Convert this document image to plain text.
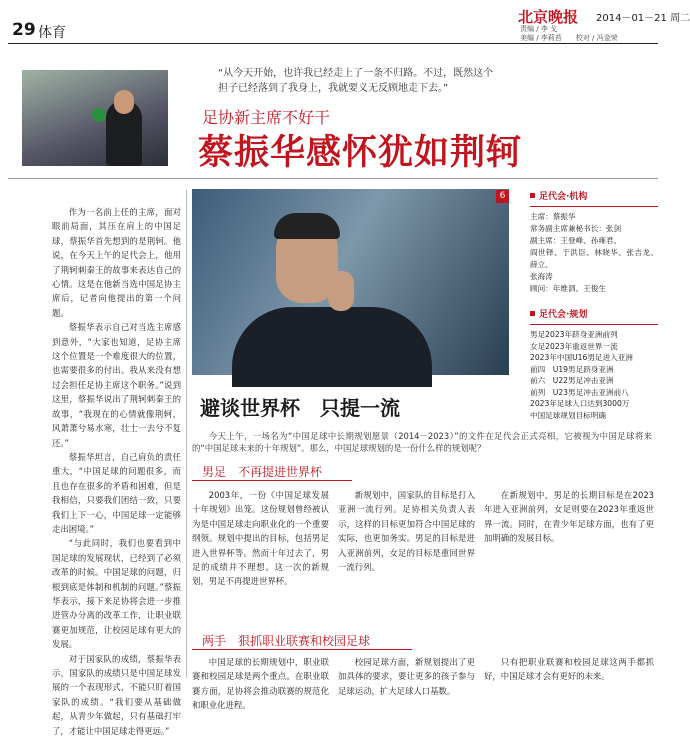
29 体育
北京晚报 2014－01－21 周二
责编 / 李 戈
美编 / 李莉苔　　校对 / 冯金荣
“从今天开始，也许我已经走上了一条不归路。不过，既然这个担子已经落到了我身上，我就要义无反顾地走下去。”
足协新主席不好干
蔡振华感怀犹如荆轲

作为一名前上任的主席，面对眼前局面，其压在肩上的中国足球，蔡振华首先想到的是荆轲。他说，在今天上午的足代会上，他用了荆轲刺秦王的故事来表达自己的心情。这是在他新当选中国足协主席后，记者向他提出的第一个问题。

蔡振华表示自己对当选主席感到意外，“大家也知道，足协主席这个位置是一个难度很大的位置，也需要很多的付出。我从来没有想过会担任足协主席这个职务。”说到这里，蔡振华说出了荆轲刺秦王的故事，“我现在的心情就像荆轲，风萧萧兮易水寒，壮士一去兮不复还。”

蔡振华坦言，自己肩负的责任重大，“中国足球的问题很多，而且也存在很多的矛盾和困难，但是我相信，只要我们团结一致，只要我们上下一心，中国足球一定能够走出困境。”

“与此同时，我们也要看到中国足球的发展现状，已经到了必须改革的时候。中国足球的问题，归根到底是体制和机制的问题。”蔡振华表示，接下来足协将会进一步推进管办分离的改革工作，让职业联赛更加规范，让校园足球有更大的发展。

对于国家队的成绩，蔡振华表示，国家队的成绩只是中国足球发展的一个表现形式，不能只盯着国家队的成绩。“我们要从基础做起，从青少年做起，只有基础打牢了，才能让中国足球走得更远。”

6
避谈世界杯　只提一流

今天上午，一场名为“中国足球中长期规划愿景（2014－2023）”的文件在足代会正式亮相，它被视为中国足球将来的“中国足球未来的十年规划”。那么，中国足球规划的是一份什么样的规划呢？

男足　不再提进世界杯

2003年，一份《中国足球发展十年规划》出笼。这份规划曾经被认为是中国足球走向职业化的一个重要纲领。规划中提出的目标，包括男足进入世界杯等。然而十年过去了，男足的成绩并不理想。这一次的新规划，男足不再提进世界杯。

新规划中，国家队的目标是打入亚洲一流行列。足协相关负责人表示，这样的目标更加符合中国足球的实际，也更加务实。男足的目标是进入亚洲前列，女足的目标是重回世界一流行列。

在新规划中，男足的长期目标是在2023年进入亚洲前列，女足则要在2023年重返世界一流。同时，在青少年足球方面，也有了更加明确的发展目标。

两手　狠抓职业联赛和校园足球

中国足球的长期规划中，职业联赛和校园足球是两个重点。在职业联赛方面，足协将会推动联赛的规范化和职业化进程。

校园足球方面，新规划提出了更加具体的要求，要让更多的孩子参与足球运动，扩大足球人口基数。

只有把职业联赛和校园足球这两手都抓好，中国足球才会有更好的未来。

足代会·机构
主席：蔡振华
常务副主席兼秘书长：张剑
副主席：王登峰、孙雍君、
阎世铎、于洪臣、林晓华、张吉龙、薛立、
张海涛
顾问：年维泗、王俊生
足代会·规划
男足2023年跻身亚洲前列
女足2023年重返世界一流
2023年中国U16男足进入亚洲
前四　U19男足跻身亚洲
前六　U22男足冲击亚洲
前列　U23男足冲击亚洲前八
2023年足球人口达到3000万
中国足球规划目标明确
